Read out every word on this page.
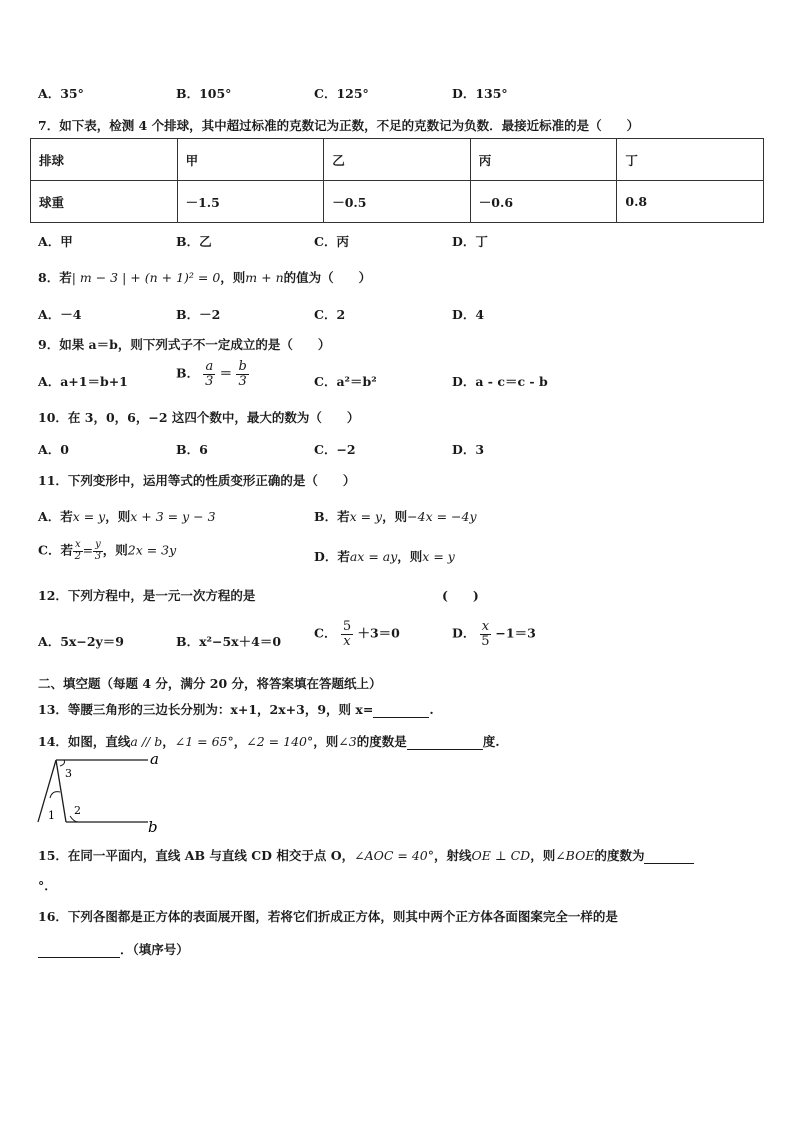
A．35°	B．105°	C．125°	D．135°
7．如下表，检测 4 个排球，其中超过标准的克数记为正数，不足的克数记为负数．最接近标准的是（　　）
排球	甲	乙	丙	丁
球重	－1.5	－0.5	－0.6	0.8
A．甲	B．乙	C．丙	D．丁
8．若| m − 3 | + (n + 1)² = 0，则m + n的值为（　　）
A．－4	B．－2	C．2	D．4
9．如果 a＝b，则下列式子不一定成立的是（　　）
A．a+1＝b+1
B． $\frac{a}{3} = \frac{b}{3}$	C．a²＝b²	D．a - c＝c - b
10．在 3，0，6，−2 这四个数中，最大的数为（　　）
A．0	B．6	C．−2	D．3
11．下列变形中，运用等式的性质变形正确的是（　　）
A．若x = y，则x + 3 = y − 3	B．若x = y，则−4x = −4y
C．若 $\frac{x}{2} = \frac{y}{3}$ ，则2x = 3y	D．若ax = ay，则x = y
12．下列方程中，是一元一次方程的是	(　　)
A．5x−2y＝9	B．x²−5x＋4＝0
C． $\frac{5}{x} +3=0$	D． $\frac{x}{5} -1=3$
二、填空题（每题 4 分，满分 20 分，将答案填在答题纸上）
13．等腰三角形的三边长分别为：x+1，2x+3，9，则 x=	.
14．如图，直线a // b，∠1 = 65°，∠2 = 140°，则∠3的度数是	度.
a
b
1 2
3
15．在同一平面内，直线 AB 与直线 CD 相交于点 O，∠AOC = 40°，射线OE ⊥ CD，则∠BOE的度数为
°．
16．下列各图都是正方体的表面展开图，若将它们折成正方体，则其中两个正方体各面图案完全一样的是
．（填序号）
